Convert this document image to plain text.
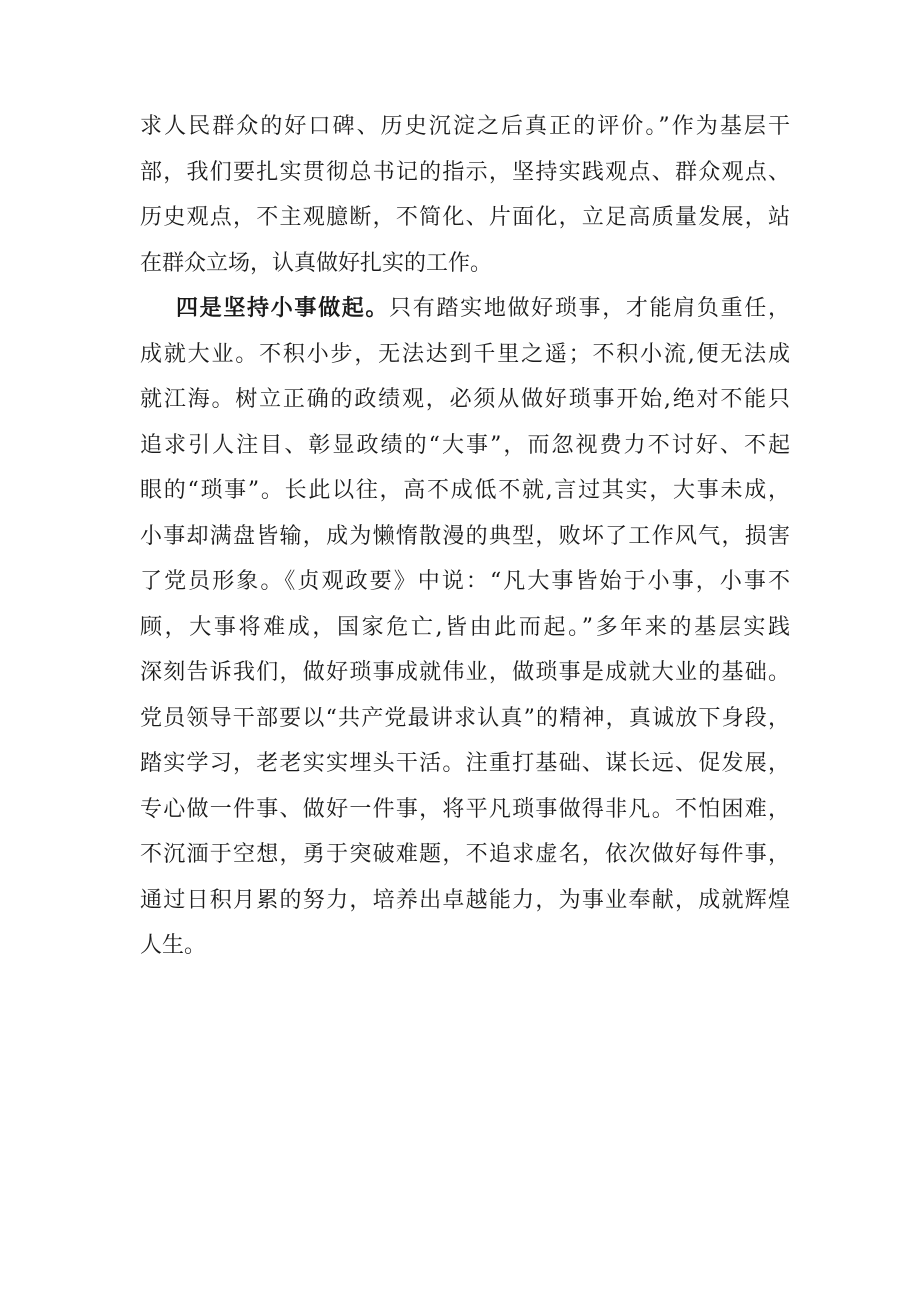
求人民群众的好口碑、历史沉淀之后真正的评价。”作为基层干
部，我们要扎实贯彻总书记的指示，坚持实践观点、群众观点、
历史观点，不主观臆断，不简化、片面化，立足高质量发展，站
在群众立场，认真做好扎实的工作。
四是坚持小事做起。只有踏实地做好琐事，才能肩负重任，
成就大业。不积小步，无法达到千里之遥；不积小流,便无法成
就江海。树立正确的政绩观，必须从做好琐事开始,绝对不能只
追求引人注目、彰显政绩的“大事”，而忽视费力不讨好、不起
眼的“琐事”。长此以往，高不成低不就,言过其实，大事未成，
小事却满盘皆输，成为懒惰散漫的典型，败坏了工作风气，损害
了党员形象。《贞观政要》中说：“凡大事皆始于小事，小事不
顾，大事将难成，国家危亡,皆由此而起。”多年来的基层实践
深刻告诉我们，做好琐事成就伟业，做琐事是成就大业的基础。
党员领导干部要以“共产党最讲求认真”的精神，真诚放下身段，
踏实学习，老老实实埋头干活。注重打基础、谋长远、促发展，
专心做一件事、做好一件事，将平凡琐事做得非凡。不怕困难，
不沉湎于空想，勇于突破难题，不追求虚名，依次做好每件事，
通过日积月累的努力，培养出卓越能力，为事业奉献，成就辉煌
人生。
